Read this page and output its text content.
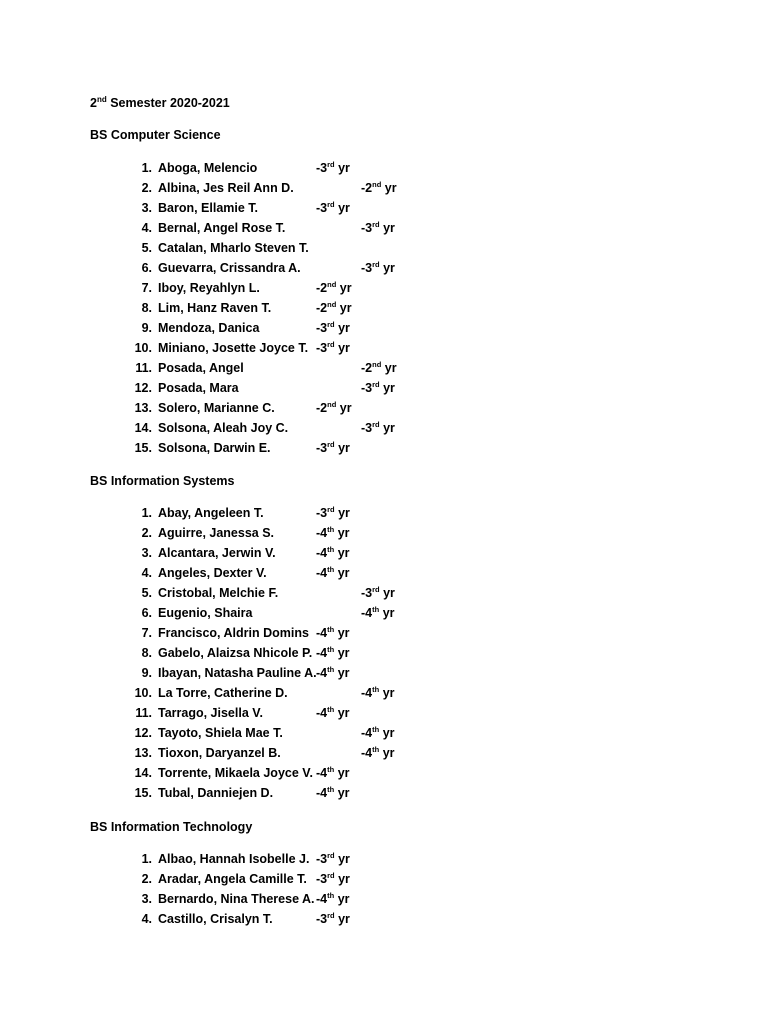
2nd Semester 2020-2021
BS Computer Science
1. 1. Aboga, Melencio	-3rd yr
2. 2. Albina, Jes Reil Ann D.	-2nd yr
3. 3. Baron, Ellamie T.	-3rd yr
4. 4. Bernal, Angel Rose T.	-3rd yr
5. 5. Catalan, Mharlo Steven T.
6. 6. Guevarra, Crissandra A.	-3rd yr
7. 7. Iboy, Reyahlyn L.	-2nd yr
8. 8. Lim, Hanz Raven T.	-2nd yr
9. 9. Mendoza, Danica	-3rd yr
10. 10. Miniano, Josette Joyce T. -3rd yr
11. 11. Posada, Angel	-2nd yr
12. 12. Posada, Mara	-3rd yr
13. 13. Solero, Marianne C.	-2nd yr
14. 14. Solsona, Aleah Joy C.	-3rd yr
15. 15. Solsona, Darwin E.	-3rd yr
BS Information Systems
1. 1. Abay, Angeleen T.	-3rd yr
2. 2. Aguirre, Janessa S.	-4th yr
3. 3. Alcantara, Jerwin V.	-4th yr
4. 4. Angeles, Dexter V.	-4th yr
5. 5. Cristobal, Melchie F.	-3rd yr
6. 6. Eugenio, Shaira	-4th yr
7. 7. Francisco, Aldrin Domins -4th yr
8. 8. Gabelo, Alaizsa Nhicole P. -4th yr
9. 9. Ibayan, Natasha Pauline A. -4th yr
10. 10. La Torre, Catherine D.	-4th yr
11. 11. Tarrago, Jisella V.	-4th yr
12. 12. Tayoto, Shiela Mae T.	-4th yr
13. 13. Tioxon, Daryanzel B.	-4th yr
14. 14. Torrente, Mikaela Joyce V. -4th yr
15. 15. Tubal, Danniejen D.	-4th yr
BS Information Technology
1. 1. Albao, Hannah Isobelle J. -3rd yr
2. 2. Aradar, Angela Camille T. -3rd yr
3. 3. Bernardo, Nina Therese A. -4th yr
4. 4. Castillo, Crisalyn T.	-3rd yr
